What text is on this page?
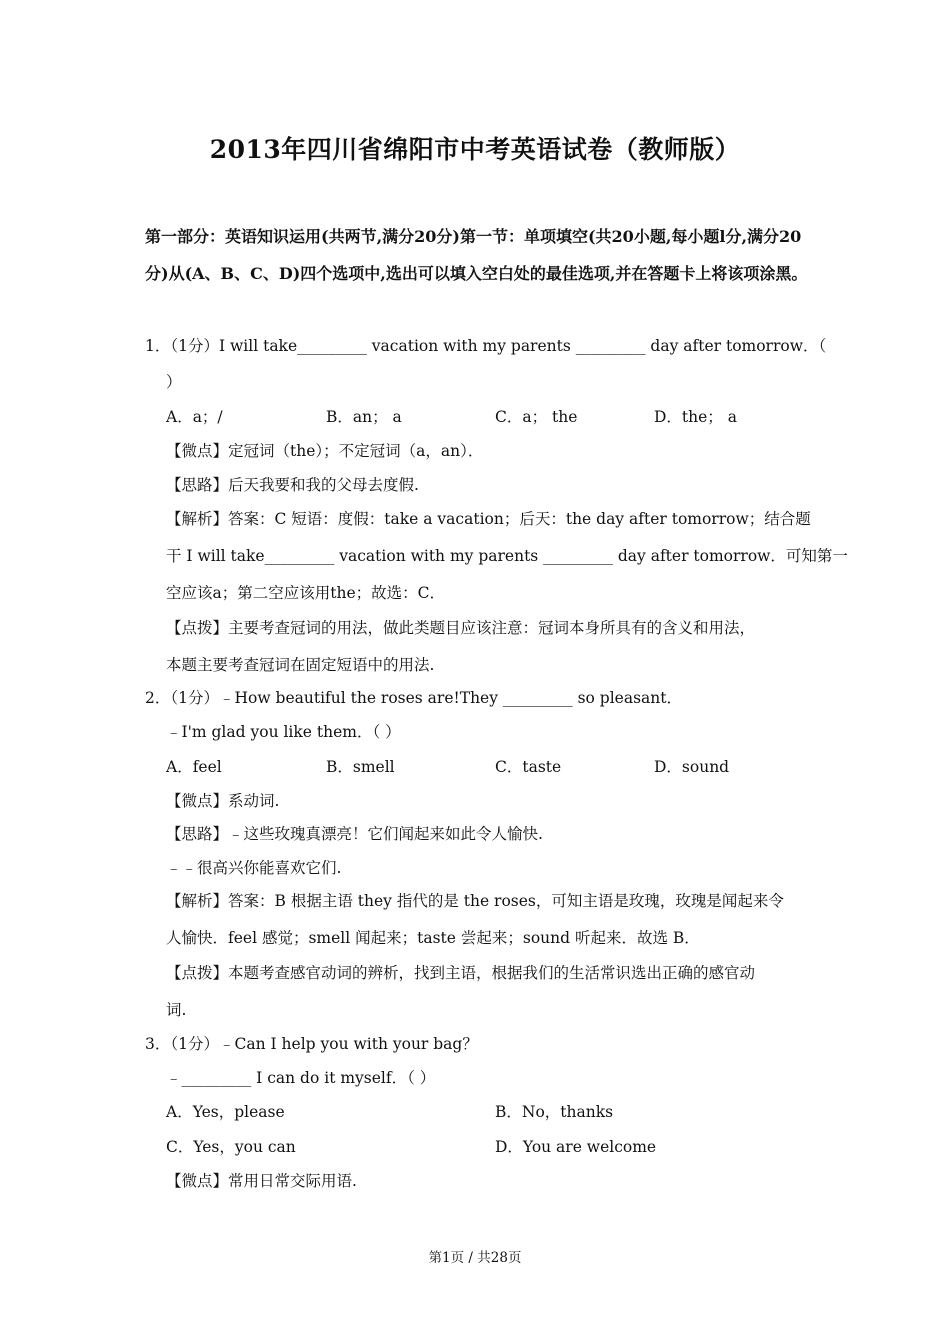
2013年四川省绵阳市中考英语试卷（教师版）
第一部分：英语知识运用(共两节,满分20分)第一节：单项填空(共20小题,每小题l分,满分20分)从(A、B、C、D)四个选项中,选出可以填入空白处的最佳选项,并在答题卡上将该项涂黑。
1．（1分）I will take_________ vacation with my parents _________ day after tomorrow．（
）
A．a；/	B．an； a	C．a； the	D．the； a
【微点】定冠词（the）；不定冠词（a，an）．
【思路】后天我要和我的父母去度假.
【解析】答案：C 短语：度假：take a vacation；后天：the day after tomorrow；结合题
干 I will take_________ vacation with my parents _________ day after tomorrow．可知第一
空应该a；第二空应该用the；故选：C．
【点拨】主要考查冠词的用法，做此类题目应该注意：冠词本身所具有的含义和用法，
本题主要考查冠词在固定短语中的用法.
2．（1分）﹣How beautiful the roses are!They _________ so pleasant．
﹣I'm glad you like them．（ ）
A．feel	B．smell	C．taste	D．sound
【微点】系动词.
【思路】﹣这些玫瑰真漂亮！它们闻起来如此令人愉快.
﹣﹣很高兴你能喜欢它们.
【解析】答案：B 根据主语 they 指代的是 the roses，可知主语是玫瑰，玫瑰是闻起来令
人愉快．feel 感觉；smell 闻起来；taste 尝起来；sound 听起来．故选 B．
【点拨】本题考查感官动词的辨析，找到主语，根据我们的生活常识选出正确的感官动
词.
3．（1分）﹣Can I help you with your bag？
﹣_________ I can do it myself．（ ）
A．Yes，please	B．No，thanks
C．Yes，you can	D．You are welcome
【微点】常用日常交际用语.
第1页 / 共28页
